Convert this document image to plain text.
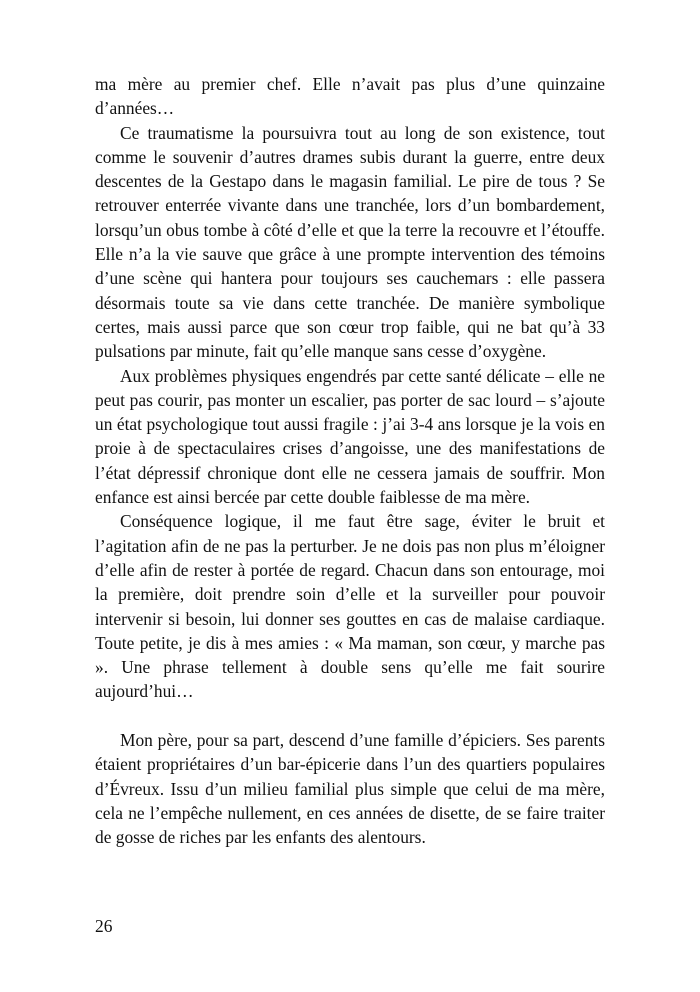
ma mère au premier chef. Elle n’avait pas plus d’une quinzaine d’années…

Ce traumatisme la poursuivra tout au long de son existence, tout comme le souvenir d’autres drames subis durant la guerre, entre deux descentes de la Gestapo dans le magasin familial. Le pire de tous ? Se retrouver enterrée vivante dans une tranchée, lors d’un bombardement, lorsqu’un obus tombe à côté d’elle et que la terre la recouvre et l’étouffe. Elle n’a la vie sauve que grâce à une prompte intervention des témoins d’une scène qui hantera pour toujours ses cauchemars : elle passera désormais toute sa vie dans cette tranchée. De manière symbolique certes, mais aussi parce que son cœur trop faible, qui ne bat qu’à 33 pulsations par minute, fait qu’elle manque sans cesse d’oxygène.

Aux problèmes physiques engendrés par cette santé délicate – elle ne peut pas courir, pas monter un escalier, pas porter de sac lourd – s’ajoute un état psychologique tout aussi fragile : j’ai 3-4 ans lorsque je la vois en proie à de spectaculaires crises d’angoisse, une des manifestations de l’état dépressif chronique dont elle ne cessera jamais de souffrir. Mon enfance est ainsi bercée par cette double faiblesse de ma mère.

Conséquence logique, il me faut être sage, éviter le bruit et l’agitation afin de ne pas la perturber. Je ne dois pas non plus m’éloigner d’elle afin de rester à portée de regard. Chacun dans son entourage, moi la première, doit prendre soin d’elle et la surveiller pour pouvoir intervenir si besoin, lui donner ses gouttes en cas de malaise cardiaque. Toute petite, je dis à mes amies : « Ma maman, son cœur, y marche pas ». Une phrase tellement à double sens qu’elle me fait sourire aujourd’hui…

Mon père, pour sa part, descend d’une famille d’épiciers. Ses parents étaient propriétaires d’un bar-épicerie dans l’un des quartiers populaires d’Évreux. Issu d’un milieu familial plus simple que celui de ma mère, cela ne l’empêche nullement, en ces années de disette, de se faire traiter de gosse de riches par les enfants des alentours.

26
